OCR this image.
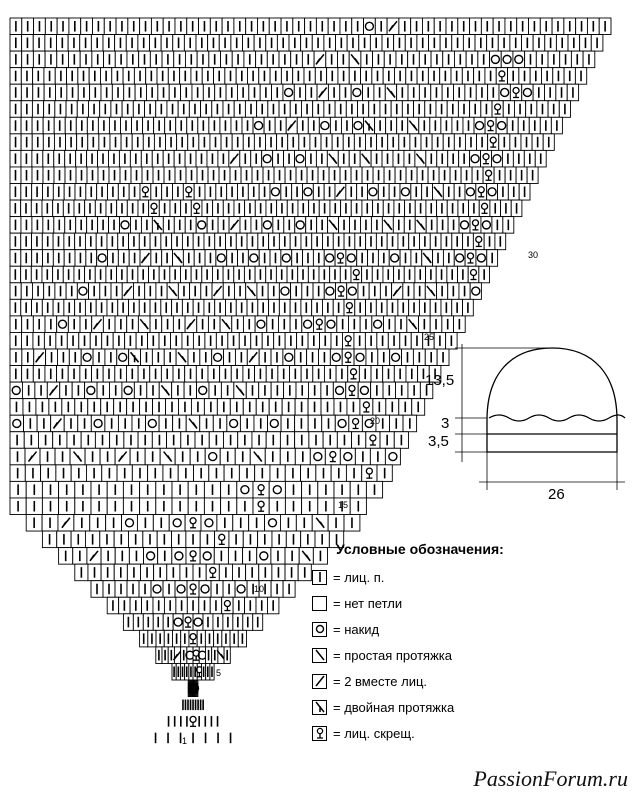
30
25
20
15
10
5
1
13,5
3
3,5
26
Условные обозначения:
= лиц. п.
= нет петли
= накид
= простая протяжка
= 2 вместе лиц.
= двойная протяжка
= лиц. скрещ.
PassionForum.ru
